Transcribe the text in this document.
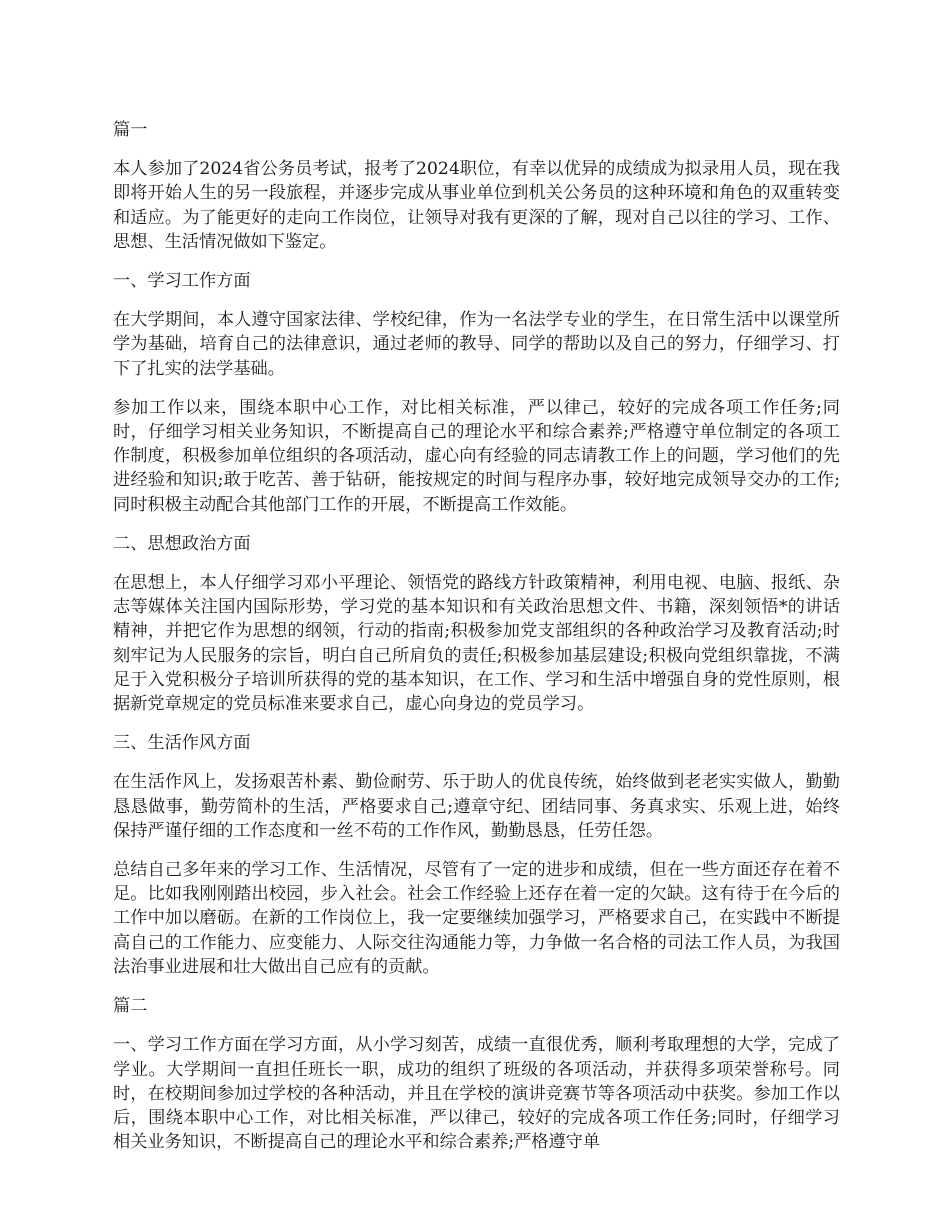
篇一

本人参加了2024省公务员考试，报考了2024职位，有幸以优异的成绩成为拟录用人员，现在我即将开始人生的另一段旅程，并逐步完成从事业单位到机关公务员的这种环境和角色的双重转变和适应。为了能更好的走向工作岗位，让领导对我有更深的了解，现对自己以往的学习、工作、思想、生活情况做如下鉴定。

一、学习工作方面

在大学期间，本人遵守国家法律、学校纪律，作为一名法学专业的学生，在日常生活中以课堂所学为基础，培育自己的法律意识，通过老师的教导、同学的帮助以及自己的努力，仔细学习、打下了扎实的法学基础。

参加工作以来，围绕本职中心工作，对比相关标准，严以律己，较好的完成各项工作任务;同时，仔细学习相关业务知识，不断提高自己的理论水平和综合素养;严格遵守单位制定的各项工作制度，积极参加单位组织的各项活动，虚心向有经验的同志请教工作上的问题，学习他们的先进经验和知识;敢于吃苦、善于钻研，能按规定的时间与程序办事，较好地完成领导交办的工作;同时积极主动配合其他部门工作的开展，不断提高工作效能。

二、思想政治方面

在思想上，本人仔细学习邓小平理论、领悟党的路线方针政策精神，利用电视、电脑、报纸、杂志等媒体关注国内国际形势，学习党的基本知识和有关政治思想文件、书籍，深刻领悟*的讲话精神，并把它作为思想的纲领，行动的指南;积极参加党支部组织的各种政治学习及教育活动;时刻牢记为人民服务的宗旨，明白自己所肩负的责任;积极参加基层建设;积极向党组织靠拢，不满足于入党积极分子培训所获得的党的基本知识，在工作、学习和生活中增强自身的党性原则，根据新党章规定的党员标准来要求自己，虚心向身边的党员学习。

三、生活作风方面

在生活作风上，发扬艰苦朴素、勤俭耐劳、乐于助人的优良传统，始终做到老老实实做人，勤勤恳恳做事，勤劳简朴的生活，严格要求自己;遵章守纪、团结同事、务真求实、乐观上进，始终保持严谨仔细的工作态度和一丝不苟的工作作风，勤勤恳恳，任劳任怨。

总结自己多年来的学习工作、生活情况，尽管有了一定的进步和成绩，但在一些方面还存在着不足。比如我刚刚踏出校园，步入社会。社会工作经验上还存在着一定的欠缺。这有待于在今后的工作中加以磨砺。在新的工作岗位上，我一定要继续加强学习，严格要求自己，在实践中不断提高自己的工作能力、应变能力、人际交往沟通能力等，力争做一名合格的司法工作人员，为我国法治事业进展和壮大做出自己应有的贡献。

篇二

一、学习工作方面在学习方面，从小学习刻苦，成绩一直很优秀，顺利考取理想的大学，完成了学业。大学期间一直担任班长一职，成功的组织了班级的各项活动，并获得多项荣誉称号。同时，在校期间参加过学校的各种活动，并且在学校的演讲竞赛节等各项活动中获奖。参加工作以后，围绕本职中心工作，对比相关标准，严以律己，较好的完成各项工作任务;同时，仔细学习相关业务知识，不断提高自己的理论水平和综合素养;严格遵守单
